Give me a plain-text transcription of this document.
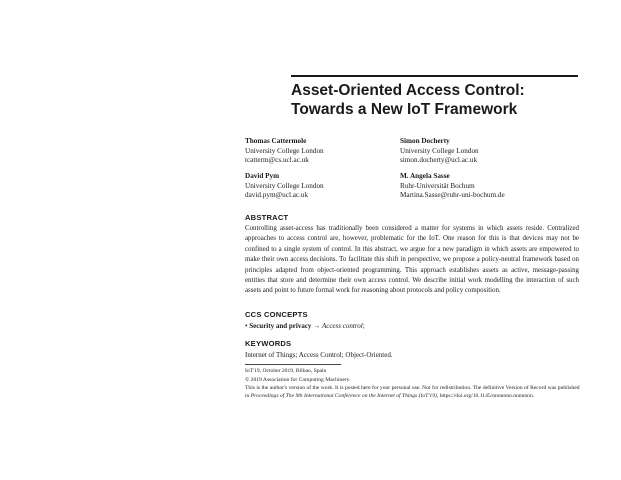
Asset-Oriented Access Control:
Towards a New IoT Framework
Thomas Cattermole
University College London
tcatterm@cs.ucl.ac.uk
Simon Docherty
University College London
simon.docherty@ucl.ac.uk
David Pym
University College London
david.pym@ucl.ac.uk
M. Angela Sasse
Ruhr-Universität Bochum
Martina.Sasse@ruhr-uni-bochum.de
ABSTRACT
Controlling asset-access has traditionally been considered a matter for systems in which assets reside. Centralized approaches to access control are, however, problematic for the IoT. One reason for this is that devices may not be confined to a single system of control. In this abstract, we argue for a new paradigm in which assets are empowered to make their own access decisions. To facilitate this shift in perspective, we propose a policy-neutral framework based on principles adapted from object-oriented programming. This approach establishes assets as active, message-passing entities that store and determine their own access control. We describe initial work modelling the interaction of such assets and point to future formal work for reasoning about protocols and policy composition.
CCS CONCEPTS
• Security and privacy → Access control;
KEYWORDS
Internet of Things; Access Control; Object-Oriented.
IoT'19, October 2019, Bilbao, Spain
© 2019 Association for Computing Machinery.
This is the author's version of the work. It is posted here for your personal use. Not for redistribution. The definitive Version of Record was published in Proceedings of The 9th International Conference on the Internet of Things (IoT'19), https://doi.org/10.1145/nnnnnnn.nnnnnnn.
